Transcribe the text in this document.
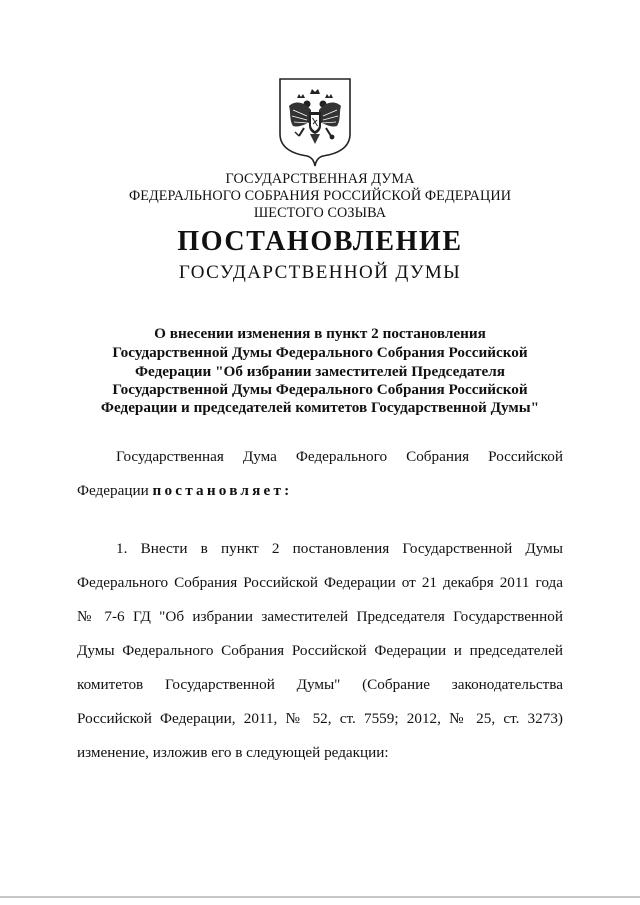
ГОСУДАРСТВЕННАЯ ДУМА
ФЕДЕРАЛЬНОГО СОБРАНИЯ РОССИЙСКОЙ ФЕДЕРАЦИИ
ШЕСТОГО СОЗЫВА
ПОСТАНОВЛЕНИЕ
ГОСУДАРСТВЕННОЙ ДУМЫ
О внесении изменения в пункт 2 постановления
Государственной Думы Федерального Собрания Российской
Федерации "Об избрании заместителей Председателя
Государственной Думы Федерального Собрания Российской
Федерации и председателей комитетов Государственной Думы"
Государственная Дума Федерального Собрания Российской
Федерации постановляет:
1. Внести в пункт 2 постановления Государственной Думы
Федерального Собрания Российской Федерации от 21 декабря 2011 года
№ 7-6 ГД "Об избрании заместителей Председателя Государственной
Думы Федерального Собрания Российской Федерации и председателей
комитетов Государственной Думы" (Собрание законодательства
Российской Федерации, 2011, № 52, ст. 7559; 2012, № 25, ст. 3273)
изменение, изложив его в следующей редакции:
